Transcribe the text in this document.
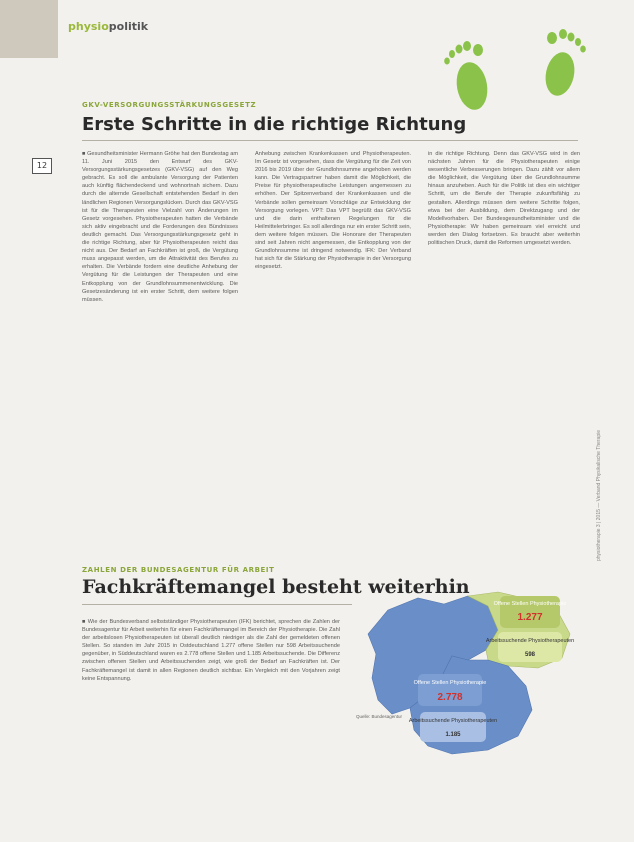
physiopolitik
12
GKV-VERSORGUNGSSTÄRKUNGSGESETZ
Erste Schritte in die richtige Richtung

■ Gesundheitsminister Hermann Gröhe hat den Bundestag am 11. Juni 2015 den Entwurf des GKV-Versorgungsstärkungsgesetzes (GKV-VSG) auf den Weg gebracht. Es soll die ambulante Versorgung der Patienten auch künftig flächendeckend und wohnortnah sichern. Dazu durch die alternde Gesellschaft entstehenden Bedarf in den ländlichen Regionen Versorgungslücken. Durch das GKV-VSG ist für die Therapeuten eine Vielzahl von Änderungen im Gesetz vorgesehen. Physiotherapeuten hatten die Verbände sich aktiv eingebracht und die Forderungen des Bündnisses deutlich gemacht. Das Versorgungsstärkungsgesetz geht in die richtige Richtung, aber für Physiotherapeuten reicht das nicht aus. Der Bedarf an Fachkräften ist groß, die Vergütung muss angepasst werden, um die Attraktivität des Berufes zu erhalten. Die Verbände fordern eine deutliche Anhebung der Vergütung für die Leistungen der Therapeuten und eine Entkopplung von der Grundlohnsummenentwicklung. Die Gesetzesänderung ist ein erster Schritt, dem weitere folgen müssen.

Anhebung zwischen Krankenkassen und Physiotherapeuten. Im Gesetz ist vorgesehen, dass die Vergütung für die Zeit von 2016 bis 2019 über der Grundlohnsumme angehoben werden kann. Die Vertragspartner haben damit die Möglichkeit, die Preise für physiotherapeutische Leistungen angemessen zu erhöhen. Der Spitzenverband der Krankenkassen und die Verbände sollen gemeinsam Vorschläge zur Entwicklung der Versorgung vorlegen. VPT: Das VPT begrüßt das GKV-VSG und die darin enthaltenen Regelungen für die Heilmittelerbringer. Es soll allerdings nur ein erster Schritt sein, dem weitere folgen müssen. Die Honorare der Therapeuten sind seit Jahren nicht angemessen, die Entkopplung von der Grundlohnsumme ist dringend notwendig. IFK: Der Verband hat sich für die Stärkung der Physiotherapie in der Versorgung eingesetzt.

in die richtige Richtung. Denn das GKV-VSG wird in den nächsten Jahren für die Physiotherapeuten einige wesentliche Verbesserungen bringen. Dazu zählt vor allem die Möglichkeit, die Vergütung über die Grundlohnsumme hinaus anzuheben. Auch für die Politik ist dies ein wichtiger Schritt, um die Berufe der Therapie zukunftsfähig zu gestalten. Allerdings müssen dem weitere Schritte folgen, etwa bei der Ausbildung, dem Direktzugang und der Modellvorhaben. Der Bundesgesundheitsminister und die Physiotherapie: Wir haben gemeinsam viel erreicht und werden den Dialog fortsetzen. Es braucht aber weiterhin politischen Druck, damit die Reformen umgesetzt werden.

ZAHLEN DER BUNDESAGENTUR FÜR ARBEIT
Fachkräftemangel besteht weiterhin
■ Wie der Bundesverband selbstständiger Physiotherapeuten (IFK) berichtet, sprechen die Zahlen der Bundesagentur für Arbeit weiterhin für einen Fachkräftemangel im Bereich der Physiotherapie. Die Zahl der arbeitslosen Physiotherapeuten ist überall deutlich niedriger als die Zahl der gemeldeten offenen Stellen. So standen im Jahr 2015 in Ostdeutschland 1.277 offene Stellen nur 598 Arbeitssuchende gegenüber, in Süddeutschland waren es 2.778 offene Stellen und 1.185 Arbeitssuchende. Die Differenz zwischen offenen Stellen und Arbeitssuchenden zeigt, wie groß der Bedarf an Fachkräften ist. Der Fachkräftemangel ist damit in allen Regionen deutlich sichtbar. Ein Vergleich mit den Vorjahren zeigt keine Entspannung.
Offene Stellen Physiotherapie
1.277
Arbeitssuchende Physiotherapeuten
598
Offene Stellen Physiotherapie
2.778
Arbeitssuchende Physiotherapeuten
1.185
Quelle: Bundesagentur
physiotherapie 3 | 2015 — Verband Physikalische Therapie
